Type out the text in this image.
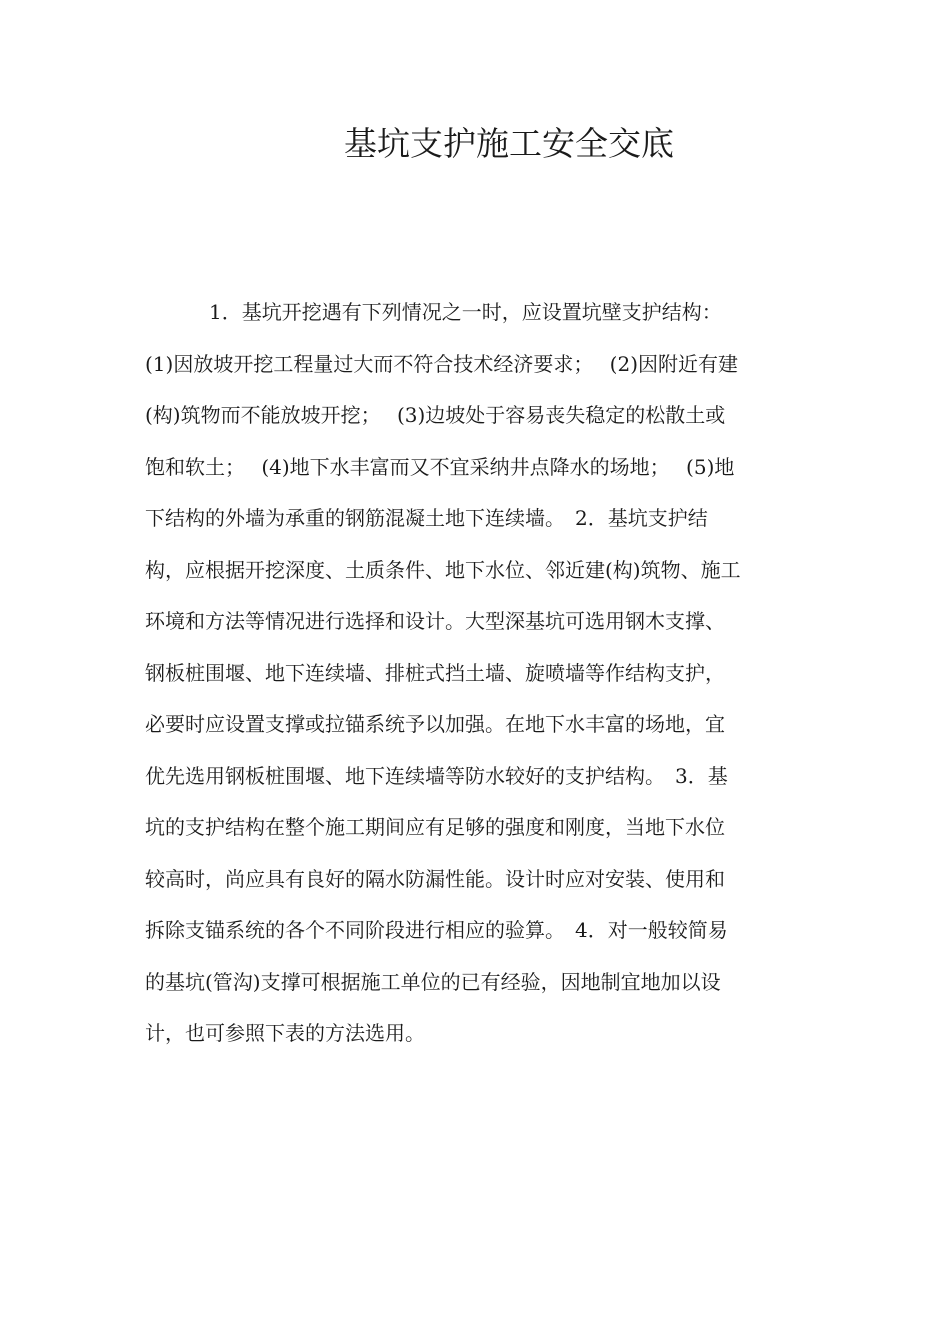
基坑支护施工安全交底
1．基坑开挖遇有下列情况之一时，应设置坑壁支护结构：
(1)因放坡开挖工程量过大而不符合技术经济要求；　 (2)因附近有建
(构)筑物而不能放坡开挖；　 (3)边坡处于容易丧失稳定的松散土或
饱和软土；　 (4)地下水丰富而又不宜采纳井点降水的场地；　 (5)地
下结构的外墙为承重的钢筋混凝土地下连续墙。　2．基坑支护结
构，应根据开挖深度、土质条件、地下水位、邻近建(构)筑物、施工
环境和方法等情况进行选择和设计。大型深基坑可选用钢木支撑、
钢板桩围堰、地下连续墙、排桩式挡土墙、旋喷墙等作结构支护，
必要时应设置支撑或拉锚系统予以加强。在地下水丰富的场地，宜
优先选用钢板桩围堰、地下连续墙等防水较好的支护结构。　3．基
坑的支护结构在整个施工期间应有足够的强度和刚度，当地下水位
较高时，尚应具有良好的隔水防漏性能。设计时应对安装、使用和
拆除支锚系统的各个不同阶段进行相应的验算。　4．对一般较简易
的基坑(管沟)支撑可根据施工单位的已有经验，因地制宜地加以设
计，也可参照下表的方法选用。
